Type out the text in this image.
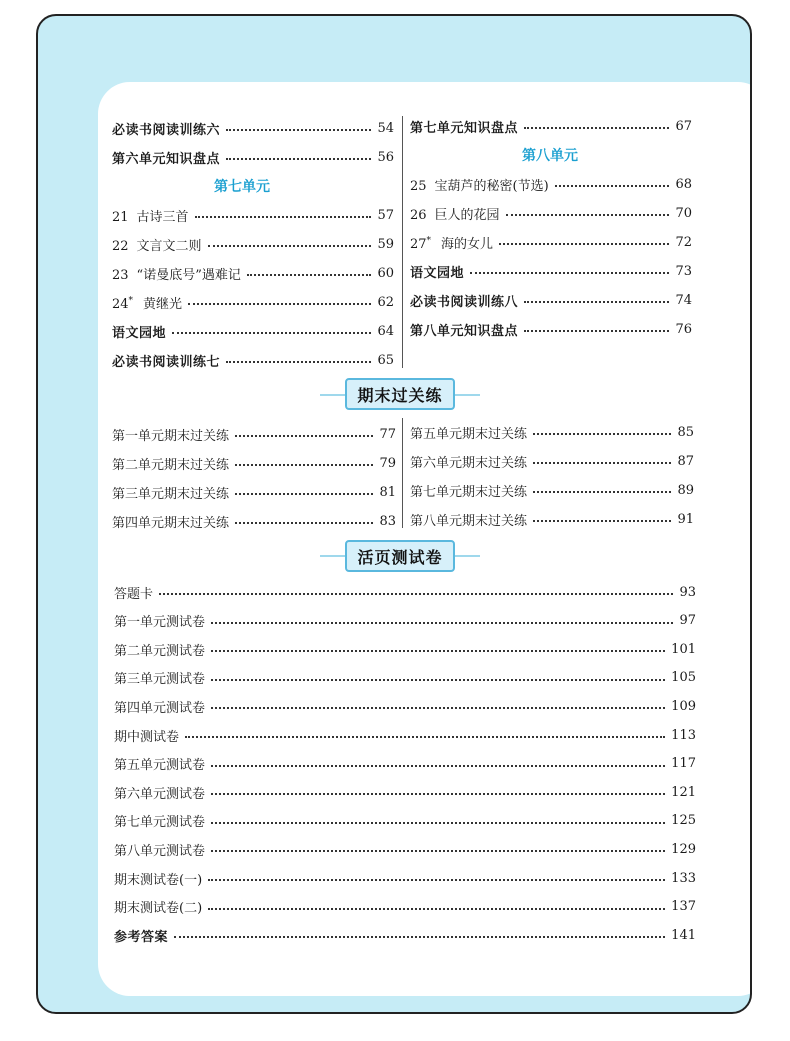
期末过关练
活页测试卷
必读书阅读训练六	54
第六单元知识盘点	56
第七单元
21 古诗三首	57
22 文言文二则	59
23 “诺曼底号”遇难记	60
24* 黄继光	62
语文园地	64
必读书阅读训练七	65
第七单元知识盘点	67
第八单元
25 宝葫芦的秘密(节选)	68
26 巨人的花园	70
27* 海的女儿	72
语文园地	73
必读书阅读训练八	74
第八单元知识盘点	76
第一单元期末过关练	77
第二单元期末过关练	79
第三单元期末过关练	81
第四单元期末过关练	83
第五单元期末过关练	85
第六单元期末过关练	87
第七单元期末过关练	89
第八单元期末过关练	91
答题卡	93
第一单元测试卷	97
第二单元测试卷	101
第三单元测试卷	105
第四单元测试卷	109
期中测试卷	113
第五单元测试卷	117
第六单元测试卷	121
第七单元测试卷	125
第八单元测试卷	129
期末测试卷(一)	133
期末测试卷(二)	137
参考答案	141
